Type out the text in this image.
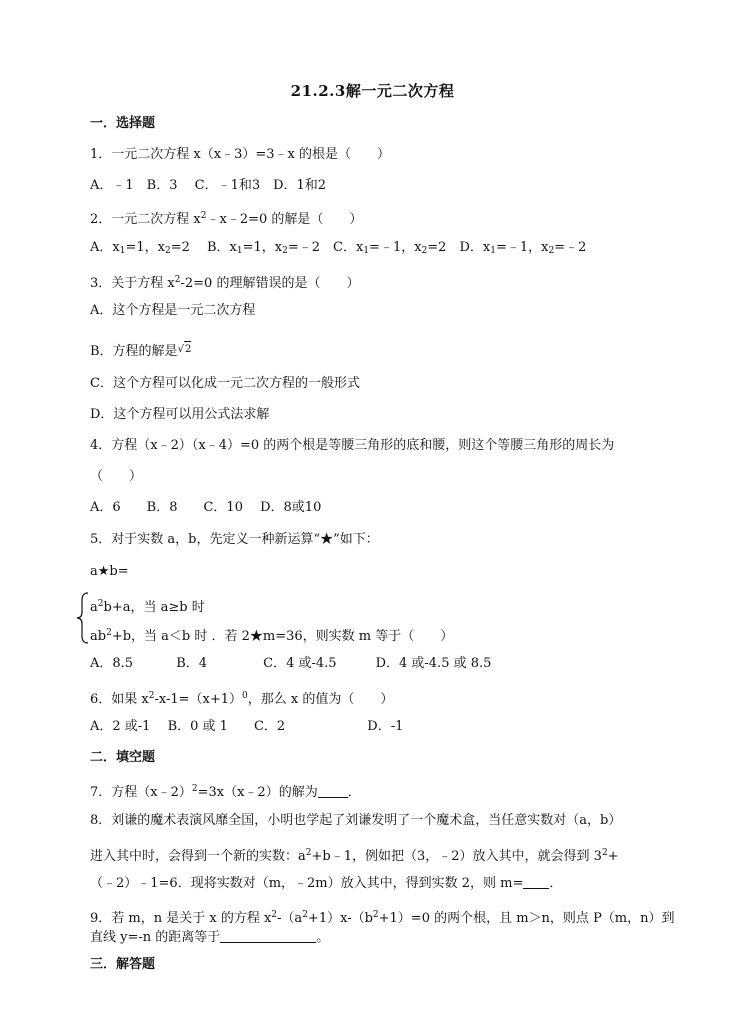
21.2.3解一元二次方程
一．选择题
1．一元二次方程 x（x﹣3）=3﹣x 的根是（　　）
A．﹣1　B．3　 C．﹣1和3　D．1和2
2．一元二次方程 $x^2﹣x﹣2=0$ 的解是（　　）
A．$x_1=1$，$x_2=2$　 B．$x_1=1$，$x_2=﹣2$　C．$x_1=﹣1$，$x_2=2$　D．$x_1=﹣1$，$x_2=﹣2$
3．关于方程 $x^2-2=0$ 的理解错误的是（　　）
A．这个方程是一元二次方程
B．方程的解是√2
C．这个方程可以化成一元二次方程的一般形式
D．这个方程可以用公式法求解
4．方程（x﹣2）（x﹣4）=0 的两个根是等腰三角形的底和腰，则这个等腰三角形的周长为
（　　）
A．6　　B．8　　C．10　 D．8或10
5．对于实数 a，b，先定义一种新运算“★”如下：
a★b=
$a^2b+a$，当 a≥b 时
$ab^2+b$，当 a＜b 时 ．若 2★m=36，则实数 m 等于（　　）
A．8.5　　　 B．4　　　　 C．4 或-4.5　　　D．4 或-4.5 或 8.5
6．如果 $x^2-x-1=(x+1)^0$，那么 x 的值为（　　）
A．2 或-1　 B．0 或 1　　C．2　　　　　　 D．-1
二．填空题
7．方程（x﹣2）$^2$=3x（x﹣2）的解为 ．
8．刘谦的魔术表演风靡全国，小明也学起了刘谦发明了一个魔术盒，当任意实数对（a，b）
进入其中时，会得到一个新的实数：$a^2+b﹣1$，例如把（3，﹣2）放入其中，就会得到 $3^2+$
（﹣2）﹣1=6．现将实数对（m，﹣2m）放入其中，得到实数 2，则 m= ．
9．若 m，n 是关于 x 的方程 $x^2-(a^2+1)x-(b^2+1)=0$ 的两个根，且 m＞n，则点 P（m，n）到
直线 y=-n 的距离等于	。
三．解答题
